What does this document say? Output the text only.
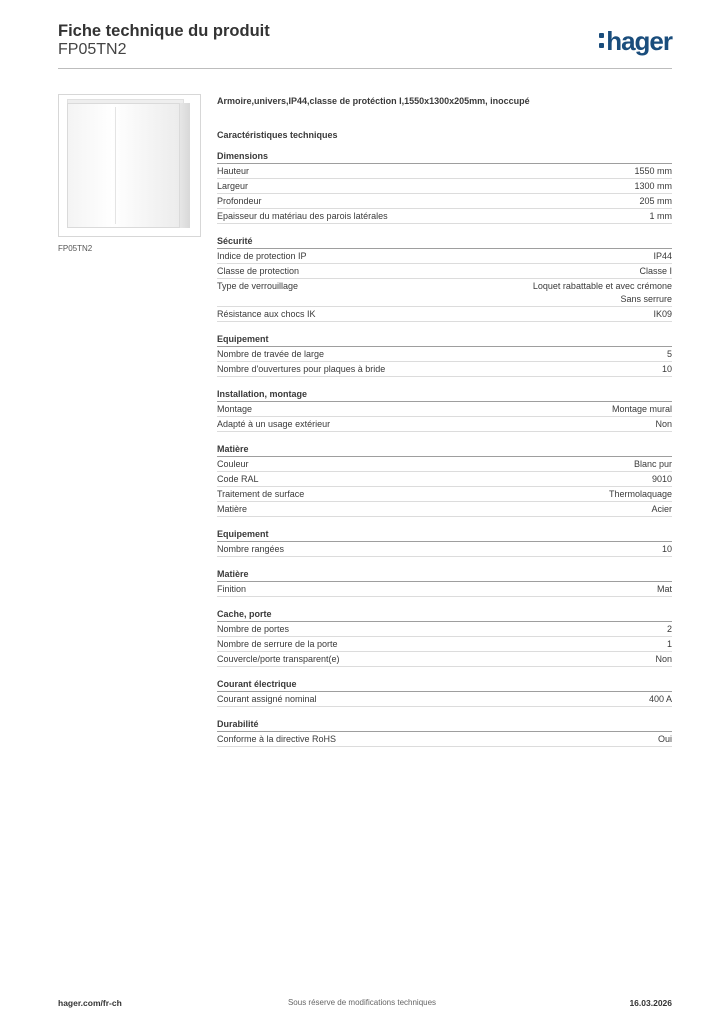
Fiche technique du produit
FP05TN2	hager
FP05TN2
Armoire,univers,IP44,classe de protéction I,1550x1300x205mm, inoccupé
Caractéristiques techniques
Dimensions
Hauteur	1550 mm
Largeur	1300 mm
Profondeur	205 mm
Epaisseur du matériau des parois latérales	1 mm
Sécurité
Indice de protection IP	IP44
Classe de protection	Classe I
Type de verrouillage	Loquet rabattable et avec crémone
Sans serrure
Résistance aux chocs IK	IK09
Equipement
Nombre de travée de large	5
Nombre d'ouvertures pour plaques à bride	10
Installation, montage
Montage	Montage mural
Adapté à un usage extérieur	Non
Matière
Couleur	Blanc pur
Code RAL	9010
Traitement de surface	Thermolaquage
Matière	Acier
Equipement
Nombre rangées	10
Matière
Finition	Mat
Cache, porte
Nombre de portes	2
Nombre de serrure de la porte	1
Couvercle/porte transparent(e)	Non
Courant électrique
Courant assigné nominal	400 A
Durabilité
Conforme à la directive RoHS	Oui
hager.com/fr-ch	Sous réserve de modifications techniques	16.03.2026
